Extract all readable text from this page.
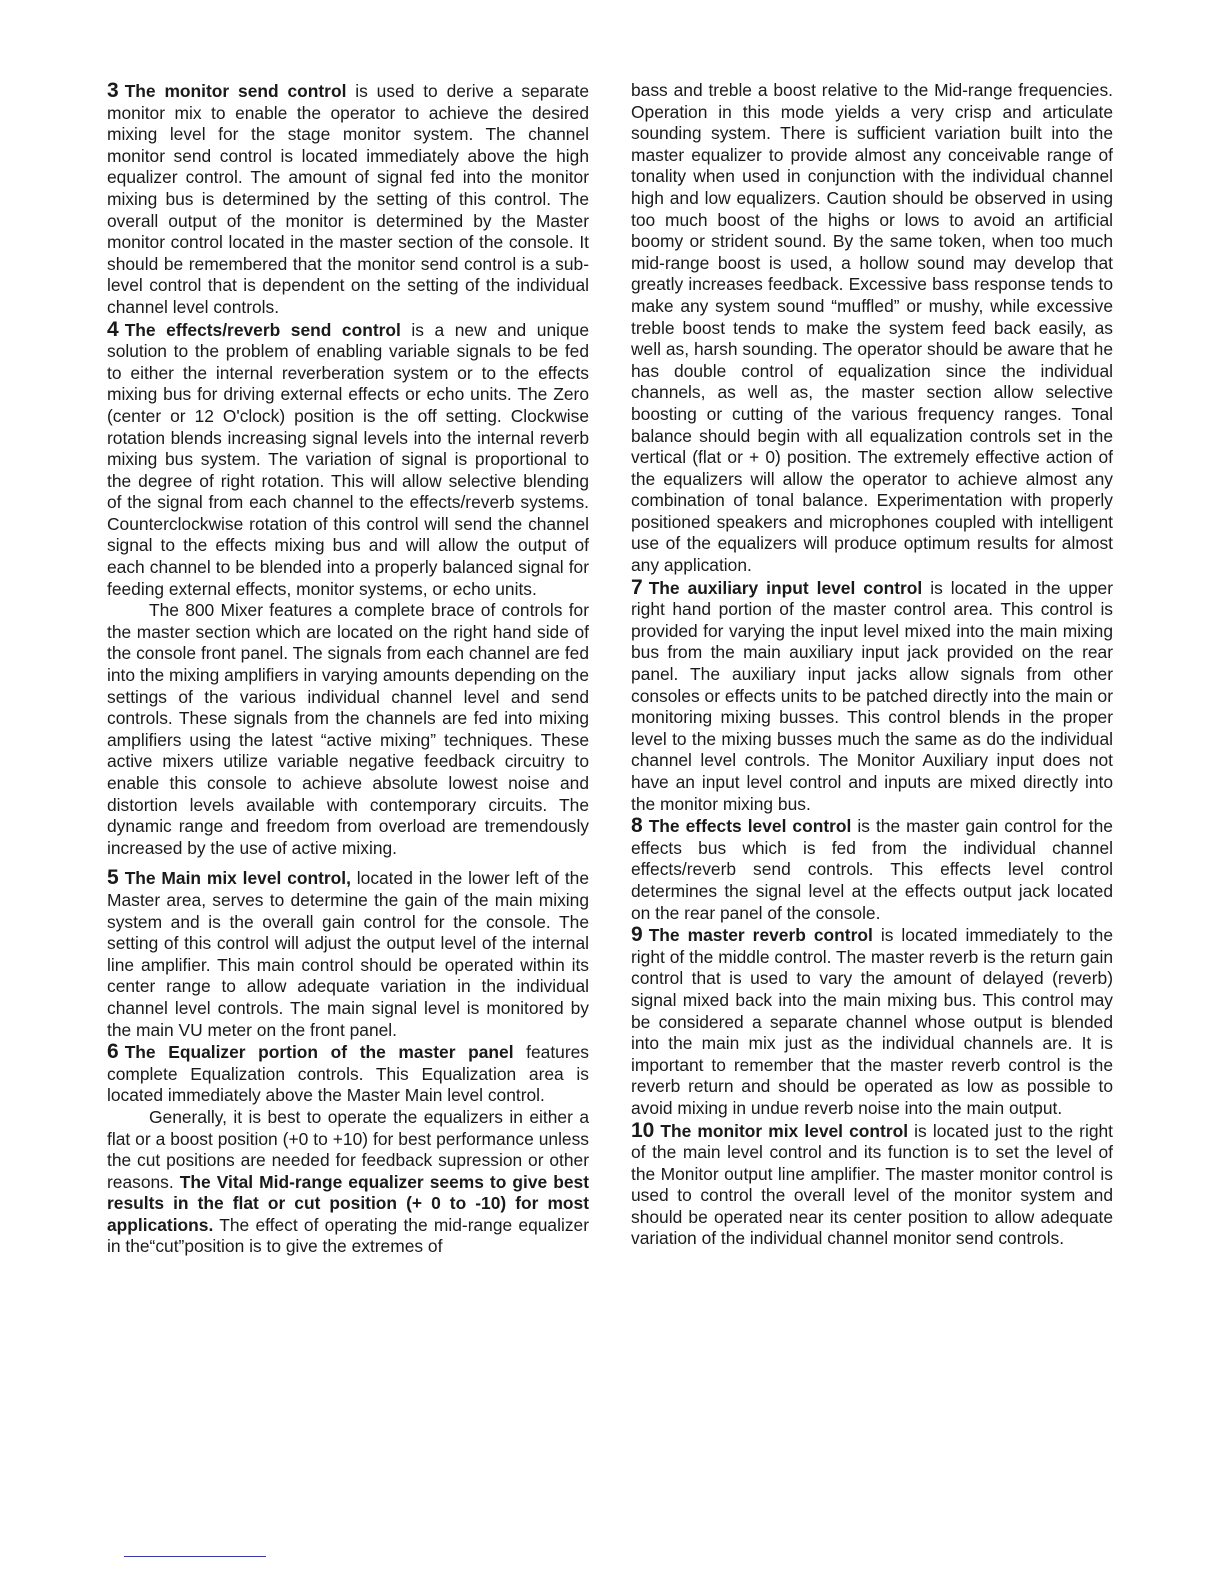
3 The monitor send control is used to derive a separate monitor mix to enable the operator to achieve the desired mixing level for the stage monitor system. The channel monitor send control is located immediately above the high equalizer control. The amount of signal fed into the monitor mixing bus is determined by the setting of this control. The overall output of the monitor is determined by the Master monitor control located in the master section of the console. It should be remembered that the monitor send control is a sub-level control that is dependent on the setting of the individual channel level controls.

4 The effects/reverb send control is a new and unique solution to the problem of enabling variable signals to be fed to either the internal reverberation system or to the effects mixing bus for driving external effects or echo units. The Zero (center or 12 O'clock) position is the off setting. Clockwise rotation blends increasing signal levels into the internal reverb mixing bus system. The variation of signal is proportional to the degree of right rotation. This will allow selective blending of the signal from each channel to the effects/reverb systems. Counterclockwise rotation of this control will send the channel signal to the effects mixing bus and will allow the output of each channel to be blended into a properly balanced signal for feeding external effects, monitor systems, or echo units.

The 800 Mixer features a complete brace of controls for the master section which are located on the right hand side of the console front panel. The signals from each channel are fed into the mixing amplifiers in varying amounts depending on the settings of the various individual channel level and send controls. These signals from the channels are fed into mixing amplifiers using the latest “active mixing” techniques. These active mixers utilize variable negative feedback circuitry to enable this console to achieve absolute lowest noise and distortion levels available with contemporary circuits. The dynamic range and freedom from overload are tremendously increased by the use of active mixing.

5 The Main mix level control, located in the lower left of the Master area, serves to determine the gain of the main mixing system and is the overall gain control for the console. The setting of this control will adjust the output level of the internal line amplifier. This main control should be operated within its center range to allow adequate variation in the individual channel level controls. The main signal level is monitored by the main VU meter on the front panel.

6 The Equalizer portion of the master panel features complete Equalization controls. This Equalization area is located immediately above the Master Main level control.

Generally, it is best to operate the equalizers in either a flat or a boost position (+0 to +10) for best performance unless the cut positions are needed for feedback supression or other reasons. The Vital Mid-range equalizer seems to give best results in the flat or cut position (+ 0 to -10) for most applications. The effect of operating the mid-range equalizer in the“cut”position is to give the extremes of

bass and treble a boost relative to the Mid-range frequencies. Operation in this mode yields a very crisp and articulate sounding system. There is sufficient variation built into the master equalizer to provide almost any conceivable range of tonality when used in conjunction with the individual channel high and low equalizers. Caution should be observed in using too much boost of the highs or lows to avoid an artificial boomy or strident sound. By the same token, when too much mid-range boost is used, a hollow sound may develop that greatly increases feedback. Excessive bass response tends to make any system sound “muffled” or mushy, while excessive treble boost tends to make the system feed back easily, as well as, harsh sounding. The operator should be aware that he has double control of equalization since the individual channels, as well as, the master section allow selective boosting or cutting of the various frequency ranges. Tonal balance should begin with all equalization controls set in the vertical (flat or + 0) position. The extremely effective action of the equalizers will allow the operator to achieve almost any combination of tonal balance. Experimentation with properly positioned speakers and microphones coupled with intelligent use of the equalizers will produce optimum results for almost any application.

7 The auxiliary input level control is located in the upper right hand portion of the master control area. This control is provided for varying the input level mixed into the main mixing bus from the main auxiliary input jack provided on the rear panel. The auxiliary input jacks allow signals from other consoles or effects units to be patched directly into the main or monitoring mixing busses. This control blends in the proper level to the mixing busses much the same as do the individual channel level controls. The Monitor Auxiliary input does not have an input level control and inputs are mixed directly into the monitor mixing bus.

8 The effects level control is the master gain control for the effects bus which is fed from the individual channel effects/reverb send controls. This effects level control determines the signal level at the effects output jack located on the rear panel of the console.

9 The master reverb control is located immediately to the right of the middle control. The master reverb is the return gain control that is used to vary the amount of delayed (reverb) signal mixed back into the main mixing bus. This control may be considered a separate channel whose output is blended into the main mix just as the individual channels are. It is important to remember that the master reverb control is the reverb return and should be operated as low as possible to avoid mixing in undue reverb noise into the main output.

10 The monitor mix level control is located just to the right of the main level control and its function is to set the level of the Monitor output line amplifier. The master monitor control is used to control the overall level of the monitor system and should be operated near its center position to allow adequate variation of the individual channel monitor send controls.
